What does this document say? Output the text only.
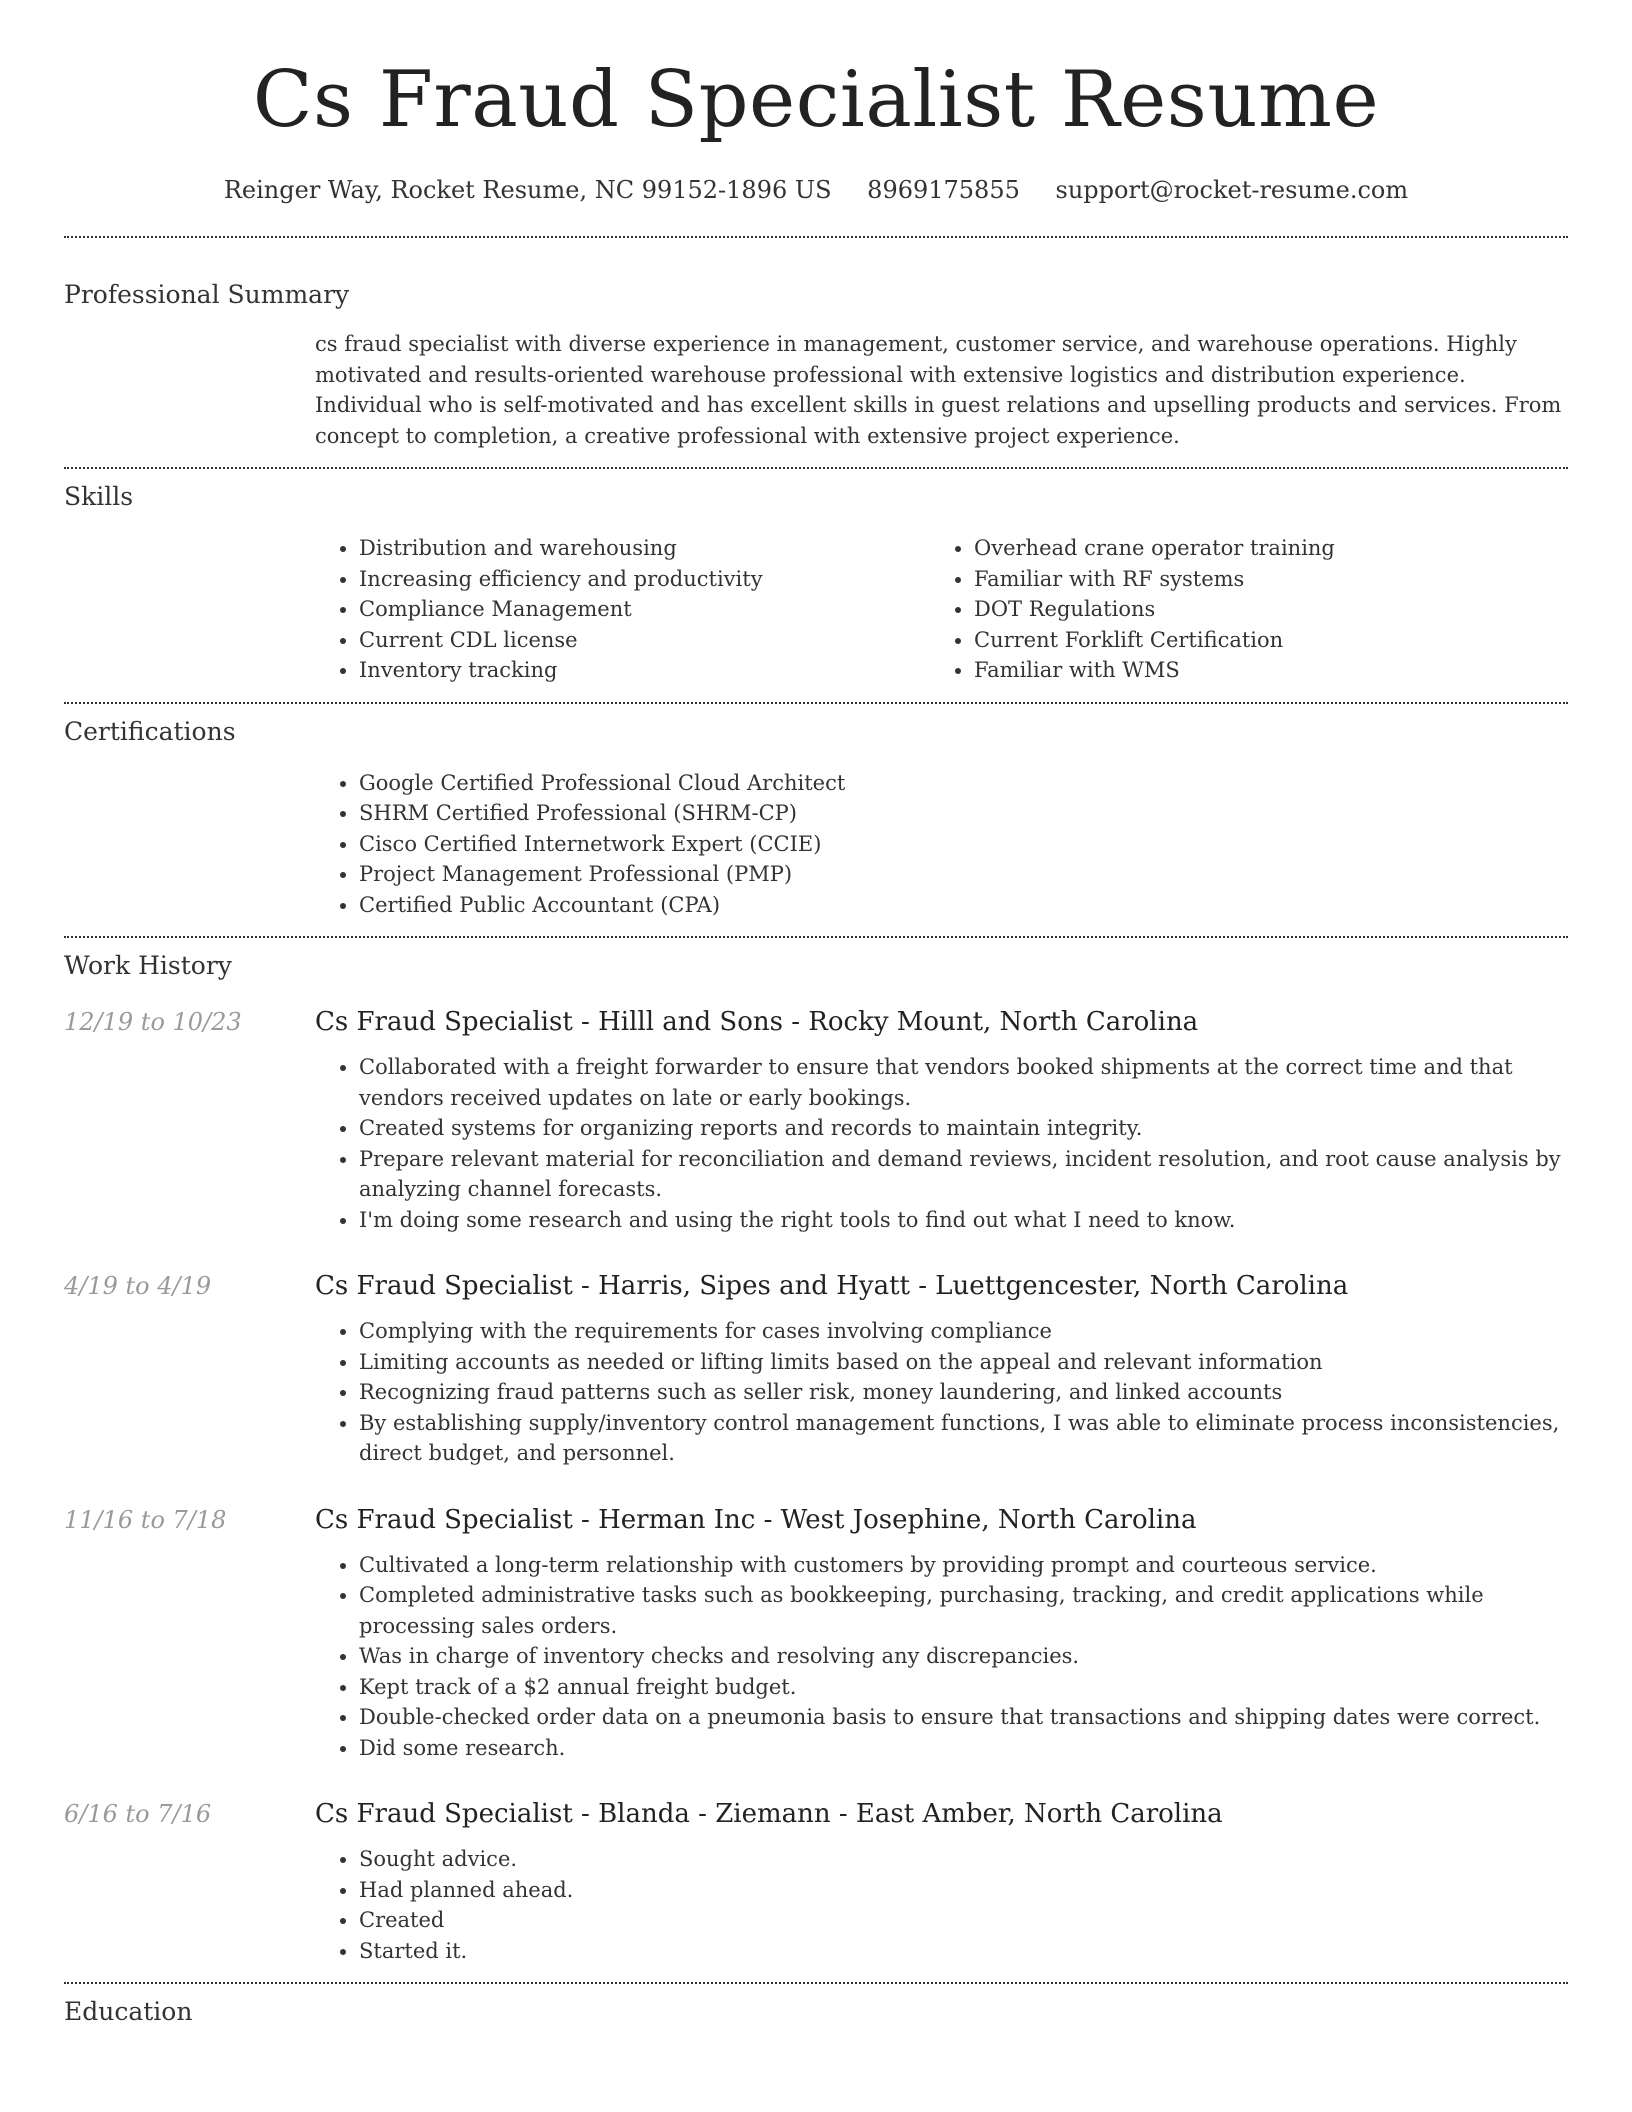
Cs Fraud Specialist Resume
Reinger Way, Rocket Resume, NC 99152-1896 US 8969175855 support@rocket-resume.com
Professional Summary
cs fraud specialist with diverse experience in management, customer service, and warehouse operations. Highly motivated and results-oriented warehouse professional with extensive logistics and distribution experience. Individual who is self-motivated and has excellent skills in guest relations and upselling products and services. From concept to completion, a creative professional with extensive project experience.
Skills
• Distribution and warehousing
• Increasing efficiency and productivity
• Compliance Management
• Current CDL license
• Inventory tracking
• Overhead crane operator training
• Familiar with RF systems
• DOT Regulations
• Current Forklift Certification
• Familiar with WMS
Certifications
• Google Certified Professional Cloud Architect
• SHRM Certified Professional (SHRM-CP)
• Cisco Certified Internetwork Expert (CCIE)
• Project Management Professional (PMP)
• Certified Public Accountant (CPA)
Work History
12/19 to 10/23	Cs Fraud Specialist - Hilll and Sons - Rocky Mount, North Carolina
• Collaborated with a freight forwarder to ensure that vendors booked shipments at the correct time and that vendors received updates on late or early bookings.
• Created systems for organizing reports and records to maintain integrity.
• Prepare relevant material for reconciliation and demand reviews, incident resolution, and root cause analysis by analyzing channel forecasts.
• I'm doing some research and using the right tools to find out what I need to know.
4/19 to 4/19	Cs Fraud Specialist - Harris, Sipes and Hyatt - Luettgencester, North Carolina
• Complying with the requirements for cases involving compliance
• Limiting accounts as needed or lifting limits based on the appeal and relevant information
• Recognizing fraud patterns such as seller risk, money laundering, and linked accounts
• By establishing supply/inventory control management functions, I was able to eliminate process inconsistencies, direct budget, and personnel.
11/16 to 7/18	Cs Fraud Specialist - Herman Inc - West Josephine, North Carolina
• Cultivated a long-term relationship with customers by providing prompt and courteous service.
• Completed administrative tasks such as bookkeeping, purchasing, tracking, and credit applications while processing sales orders.
• Was in charge of inventory checks and resolving any discrepancies.
• Kept track of a $2 annual freight budget.
• Double-checked order data on a pneumonia basis to ensure that transactions and shipping dates were correct.
• Did some research.
6/16 to 7/16	Cs Fraud Specialist - Blanda - Ziemann - East Amber, North Carolina
• Sought advice.
• Had planned ahead.
• Created
• Started it.
Education
